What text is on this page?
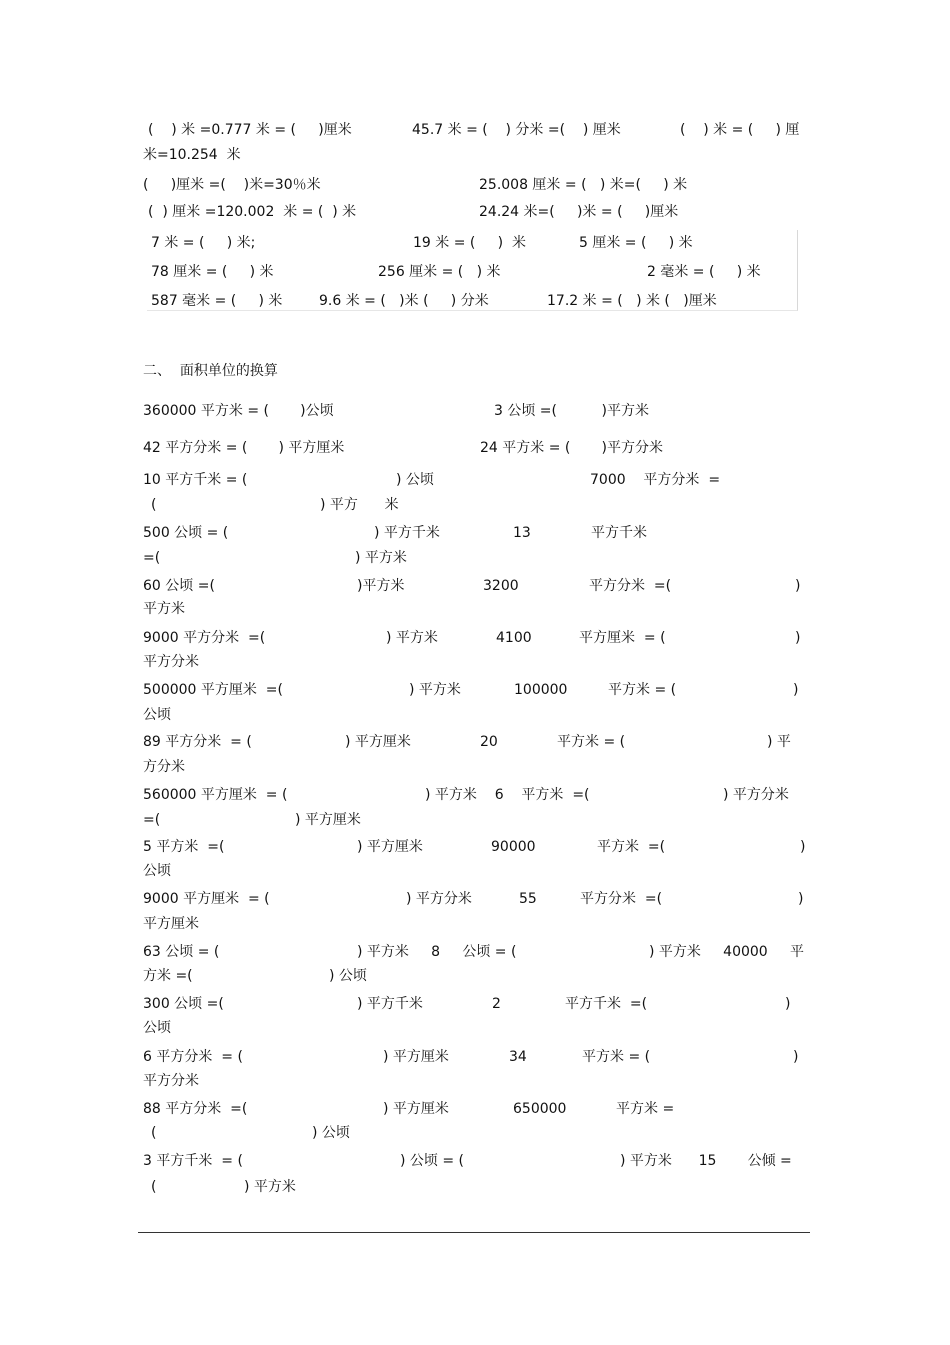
(    ) 米 =0.777 米 = (     )厘米	45.7 米 = (    ) 分米 =(    ) 厘米	(    ) 米 = (     ) 厘
米=10.254  米
(     )厘米 =(    )米=30％米	25.008 厘米 = (   ) 米=(     ) 米
(  ) 厘米 =120.002  米 = (  ) 米	24.24 米=(     )米 = (     )厘米
7 米 = (     ) 米;	19 米 = (     )  米	5 厘米 = (     ) 米
78 厘米 = (     ) 米	256 厘米 = (   ) 米	2 毫米 = (     ) 米
587 毫米 = (     ) 米	9.6 米 = (   )米 (     ) 分米	17.2 米 = (   ) 米 (   )厘米
二、  面积单位的换算
360000 平方米 = (       )公顷	3 公顷 =(          )平方米
42 平方分米 = (       ) 平方厘米	24 平方米 = (       )平方分米
10 平方千米 = (	) 公顷	7000    平方分米  =
(	) 平方      米
500 公顷 = (	) 平方千米	13	平方千米
=(	) 平方米
60 公顷 =(	)平方米	3200	平方分米  =(	)
平方米
9000 平方分米  =(	) 平方米	4100	平方厘米  = (	)
平方分米
500000 平方厘米  =(	) 平方米	100000	平方米 = (	)
公顷
89 平方分米  = (	) 平方厘米	20	平方米 = (	) 平
方分米
560000 平方厘米  = (	) 平方米    6    平方米  =(	) 平方分米
=(	) 平方厘米
5 平方米  =(	) 平方厘米	90000	平方米  =(	)
公顷
9000 平方厘米  = (	) 平方分米	55	平方分米  =(	)
平方厘米
63 公顷 = (	) 平方米     8     公顷 = (	) 平方米     40000     平
方米 =(	) 公顷
300 公顷 =(	) 平方千米	2	平方千米  =(	)
公顷
6 平方分米  = (	) 平方厘米	34	平方米 = (	)
平方分米
88 平方分米  =(	) 平方厘米	650000	平方米 =
(	) 公顷
3 平方千米  = (	) 公顷 = (	) 平方米      15       公倾 =
(	) 平方米
